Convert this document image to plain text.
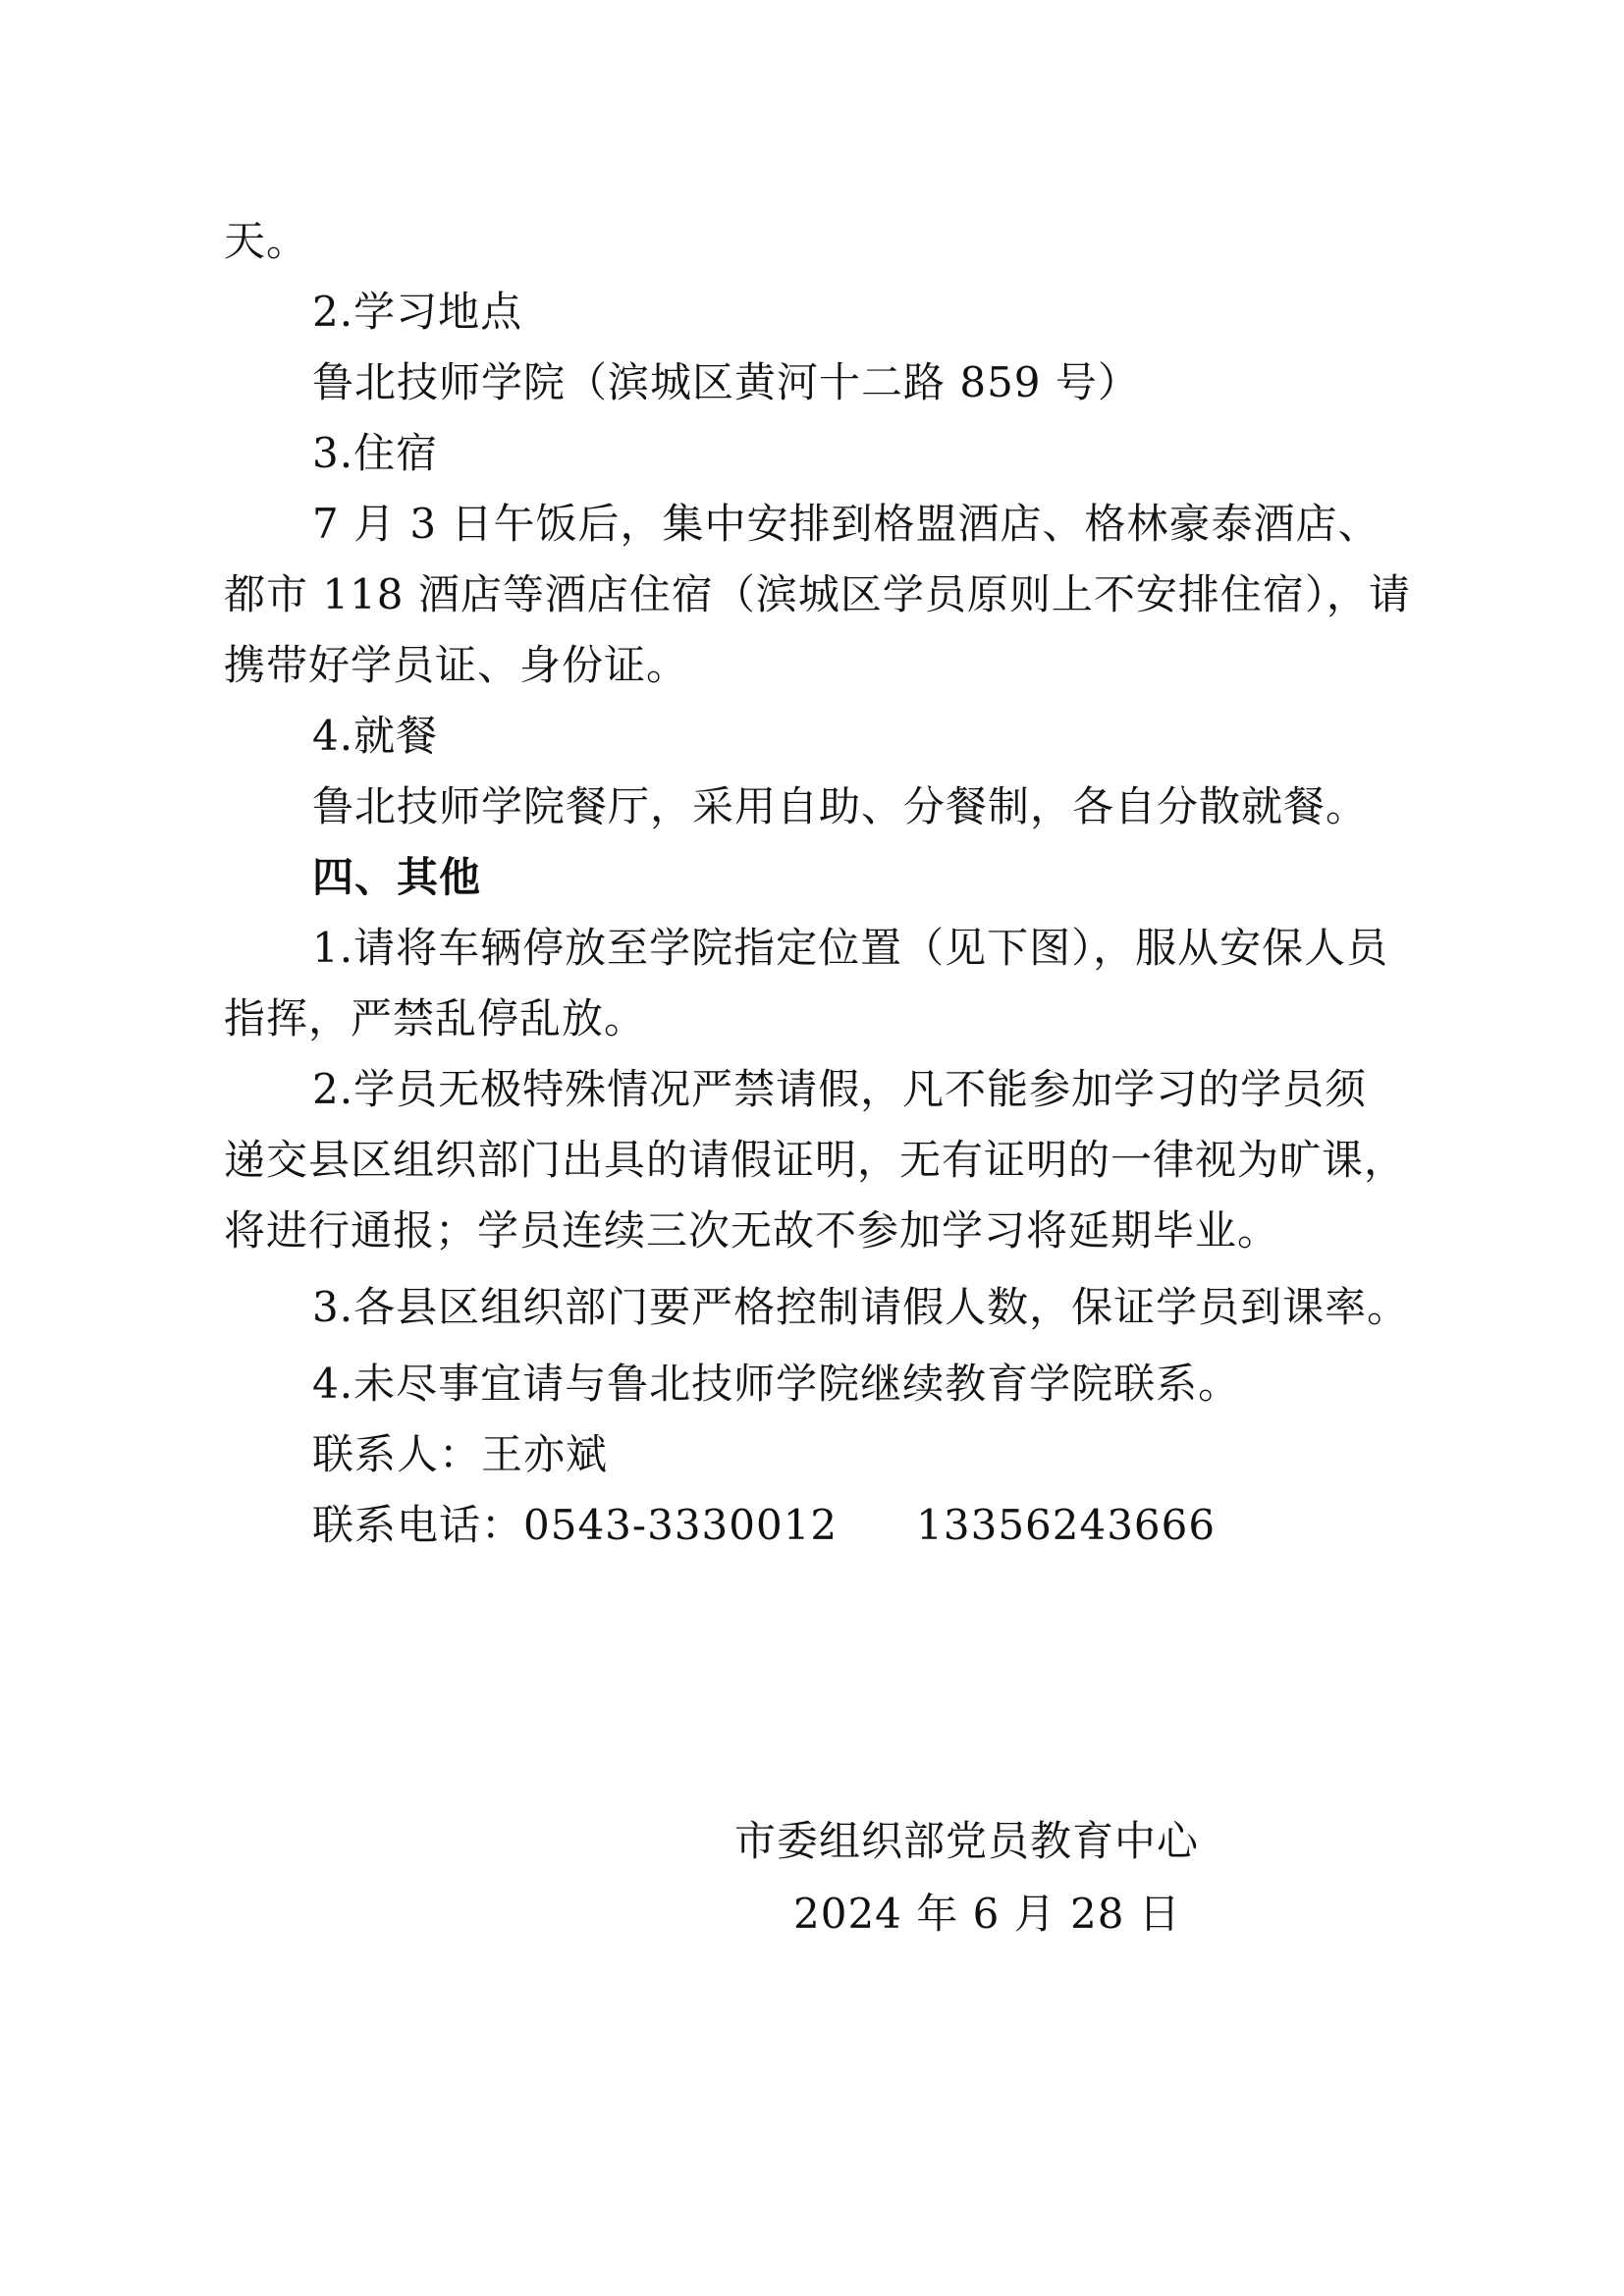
天。
2.学习地点
鲁北技师学院（滨城区黄河十二路 859 号）
3.住宿
7 月 3 日午饭后，集中安排到格盟酒店、格林豪泰酒店、
都市 118 酒店等酒店住宿（滨城区学员原则上不安排住宿），请
携带好学员证、身份证。
4.就餐
鲁北技师学院餐厅，采用自助、分餐制，各自分散就餐。
四、其他
1.请将车辆停放至学院指定位置（见下图），服从安保人员
指挥，严禁乱停乱放。
2.学员无极特殊情况严禁请假，凡不能参加学习的学员须
递交县区组织部门出具的请假证明，无有证明的一律视为旷课，
将进行通报；学员连续三次无故不参加学习将延期毕业。
3.各县区组织部门要严格控制请假人数，保证学员到课率。
4.未尽事宜请与鲁北技师学院继续教育学院联系。
联系人：王亦斌
联系电话：0543-3330012 13356243666
市委组织部党员教育中心
2024 年 6 月 28 日
